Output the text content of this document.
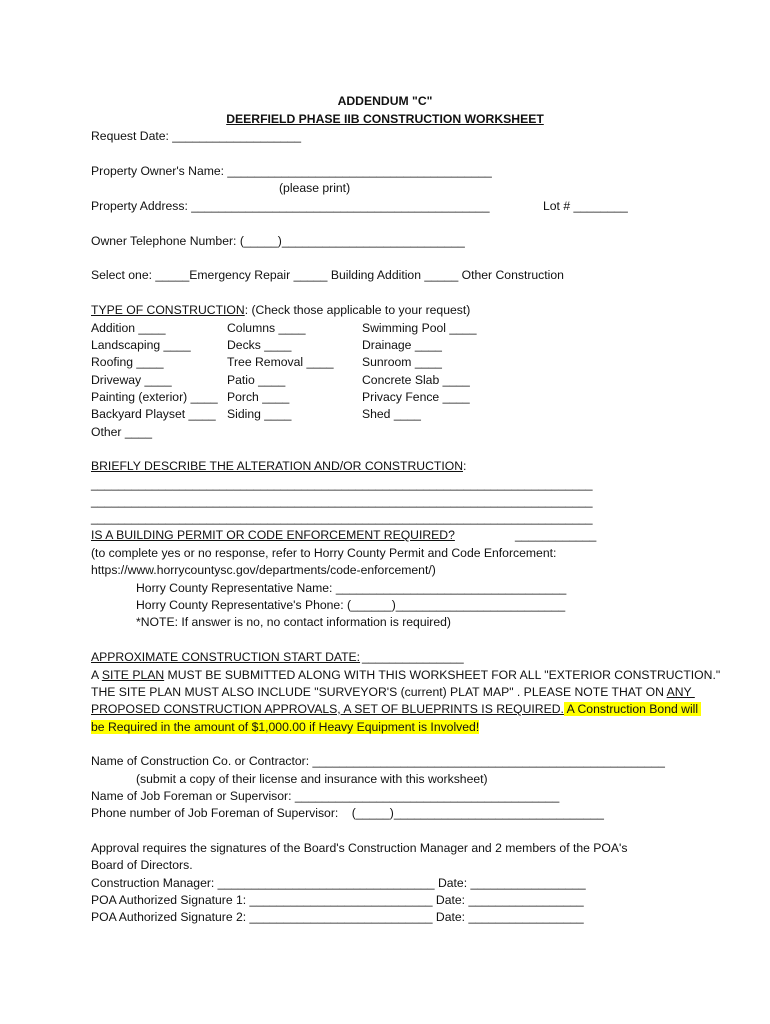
ADDENDUM "C"
DEERFIELD PHASE IIB CONSTRUCTION WORKSHEET
Request Date: ___________________
Property Owner's Name: _______________________________________
(please print)
Property Address: ____________________________________________	Lot # ________
Owner Telephone Number: (_____)___________________________
Select one: _____Emergency Repair _____ Building Addition _____ Other Construction
TYPE OF CONSTRUCTION: (Check those applicable to your request)
Addition ____
Landscaping ____
Roofing ____
Driveway ____
Painting (exterior) ____
Backyard Playset ____
Other ____
Columns ____
Decks ____
Tree Removal ____
Patio ____
Porch ____
Siding ____
Swimming Pool ____
Drainage ____
Sunroom ____
Concrete Slab ____
Privacy Fence ____
Shed ____
BRIEFLY DESCRIBE THE ALTERATION AND/OR CONSTRUCTION:
__________________________________________________________________________
__________________________________________________________________________
__________________________________________________________________________
IS A BUILDING PERMIT OR CODE ENFORCEMENT REQUIRED?	____________
(to complete yes or no response, refer to Horry County Permit and Code Enforcement:
https://www.horrycountysc.gov/departments/code-enforcement/)
Horry County Representative Name: __________________________________
Horry County Representative's Phone: (______)_________________________
*NOTE: If answer is no, no contact information is required)
APPROXIMATE CONSTRUCTION START DATE: _______________
A SITE PLAN MUST BE SUBMITTED ALONG WITH THIS WORKSHEET FOR ALL "EXTERIOR CONSTRUCTION."
THE SITE PLAN MUST ALSO INCLUDE "SURVEYOR'S (current) PLAT MAP" . PLEASE NOTE THAT ON ANY
PROPOSED CONSTRUCTION APPROVALS, A SET OF BLUEPRINTS IS REQUIRED. A Construction Bond will
be Required in the amount of $1,000.00 if Heavy Equipment is Involved!
Name of Construction Co. or Contractor: ____________________________________________________
(submit a copy of their license and insurance with this worksheet)
Name of Job Foreman or Supervisor: _______________________________________
Phone number of Job Foreman of Supervisor:    (_____)_______________________________
Approval requires the signatures of the Board's Construction Manager and 2 members of the POA's
Board of Directors.
Construction Manager: ________________________________ Date: _________________
POA Authorized Signature 1: ___________________________ Date: _________________
POA Authorized Signature 2: ___________________________ Date: _________________
